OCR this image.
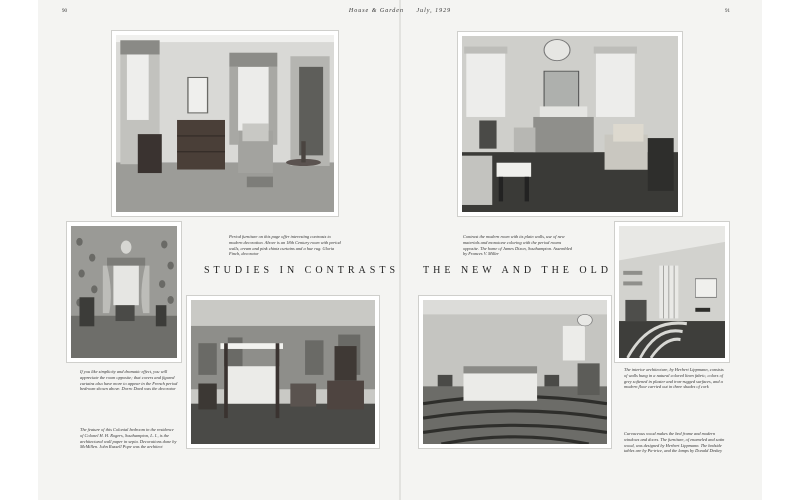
90	House & Garden     July, 1929	91
Period furniture on this page offer interesting contrasts to modern decoration. Above is an 18th Century room with period walls, cream and pink chintz curtains and a hue rug. Gloria Finch, decorator
Contrast the modern room with its plain walls, use of new materials and monotone coloring with the period rooms opposite. The home of James Dixon, Southampton. Assembled by Frances V. Miller
STUDIES IN CONTRASTS THE NEW AND THE OLD
If you like simplicity and dramatic effect, you will appreciate the room opposite; that covers and figured curtains also have more to appear in the French period bedroom shown above. Dorro Davd was the decorator
The feature of this Colonial bedroom in the residence of Colonel H. H. Rogers, Southampton, L. I., is the architectural wall paper in sepia. Decorations done by McMillen. John Russell Pope was the architect
The interior architecture, by Herbert Lippmann, consists of walls hung in a natural colored linen fabric, colors of grey softened in plaster and iron-rugged surfaces, and a modern floor carried out in three shades of cork
Curvaceous wood makes the bed frame and modern windows and doors. The furniture, of enameled and satin wood, was designed by Herbert Lippmann. The bedside tables are by Pa-trice, and the lamps by Donald Deskey
